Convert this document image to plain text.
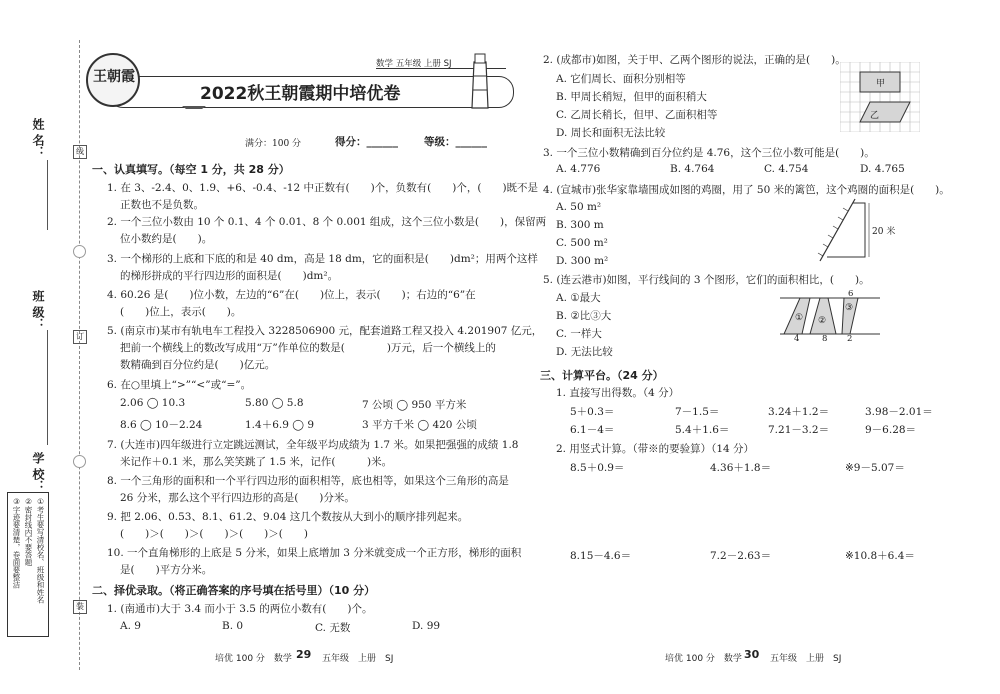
姓 名：
班 级：
学 校：
线
订
装
①考生要写清校名、班级和姓名
②密封线内不要答题
③字迹要清楚，卷面要整洁
王朝霞
数学 五年级 上册 SJ
2022秋王朝霞期中培优卷
满分：100 分	得分：______ 等级：______
一、认真填写。（每空 1 分，共 28 分）
1. 在 3、-2.4、0、1.9、+6、-0.4、-12 中正数有(　　)个，负数有(　　)个，(　　)既不是
正数也不是负数。
2. 一个三位小数由 10 个 0.1、4 个 0.01、8 个 0.001 组成，这个三位小数是(　　)，保留两
位小数约是(　　)。
3. 一个梯形的上底和下底的和是 40 dm，高是 18 dm，它的面积是(　　)dm²；用两个这样
的梯形拼成的平行四边形的面积是(　　)dm²。
4. 60.26 是(　　)位小数，左边的“6”在(　　)位上，表示(　　)；右边的“6”在
(　　)位上，表示(　　)。
5. (南京市)某市有轨电车工程投入 3228506900 元，配套道路工程又投入 4.201907 亿元，
把前一个横线上的数改写成用“万”作单位的数是(　　　　)万元，后一个横线上的
数精确到百分位约是(　　)亿元。
6. 在○里填上“>”“<”或“=”。
2.06 ◯ 10.3	5.80 ◯ 5.8	7 公顷 ◯ 950 平方米
8.6 ◯ 10－2.24	1.4＋6.9 ◯ 9	3 平方千米 ◯ 420 公顷
7. (大连市)四年级进行立定跳远测试，全年级平均成绩为 1.7 米。如果把强强的成绩 1.8
米记作＋0.1 米，那么笑笑跳了 1.5 米，记作(　　　)米。
8. 一个三角形的面积和一个平行四边形的面积相等，底也相等，如果这个三角形的高是
26 分米，那么这个平行四边形的高是(　　)分米。
9. 把 2.06、0.53、8.1、61.2、9.04 这几个数按从大到小的顺序排列起来。
(　　)＞(　　)＞(　　)＞(　　)＞(　　)
10. 一个直角梯形的上底是 5 分米，如果上底增加 3 分米就变成一个正方形，梯形的面积
是(　　)平方分米。
二、择优录取。（将正确答案的序号填在括号里）（10 分）
1. (南通市)大于 3.4 而小于 3.5 的两位小数有(　　)个。
A. 9	B. 0	C. 无数	D. 99
培优 100 分　数学 29 五年级　上册　SJ
2. (成都市)如图，关于甲、乙两个图形的说法，正确的是(　　)。
A. 它们周长、面积分别相等
B. 甲周长稍短，但甲的面积稍大
C. 乙周长稍长，但甲、乙面积相等
D. 周长和面积无法比较
甲
乙
3. 一个三位小数精确到百分位约是 4.76，这个三位小数可能是(　　)。
A. 4.776	B. 4.764	C. 4.754	D. 4.765
4. (宣城市)张华家靠墙围成如图的鸡圈，用了 50 米的篱笆，这个鸡圈的面积是(　　)。
A. 50 m²
B. 300 m
C. 500 m²
D. 300 m²
20 米
5. (连云港市)如图，平行线间的 3 个图形，它们的面积相比，(　　)。
A. ①最大
B. ②比③大
C. 一样大
D. 无法比较
6
4	8 2
① ②
③
三、计算平台。（24 分）
1. 直接写出得数。（4 分）
5＋0.3＝	7－1.5＝	3.24＋1.2＝	3.98－2.01＝
6.1－4＝	5.4＋1.6＝	7.21－3.2＝	9－6.28＝
2. 用竖式计算。（带※的要验算）（14 分）
8.5＋0.9＝	4.36＋1.8＝	※9－5.07＝
8.15－4.6＝	7.2－2.63＝	※10.8＋6.4＝
培优 100 分　数学 30 五年级　上册　SJ
